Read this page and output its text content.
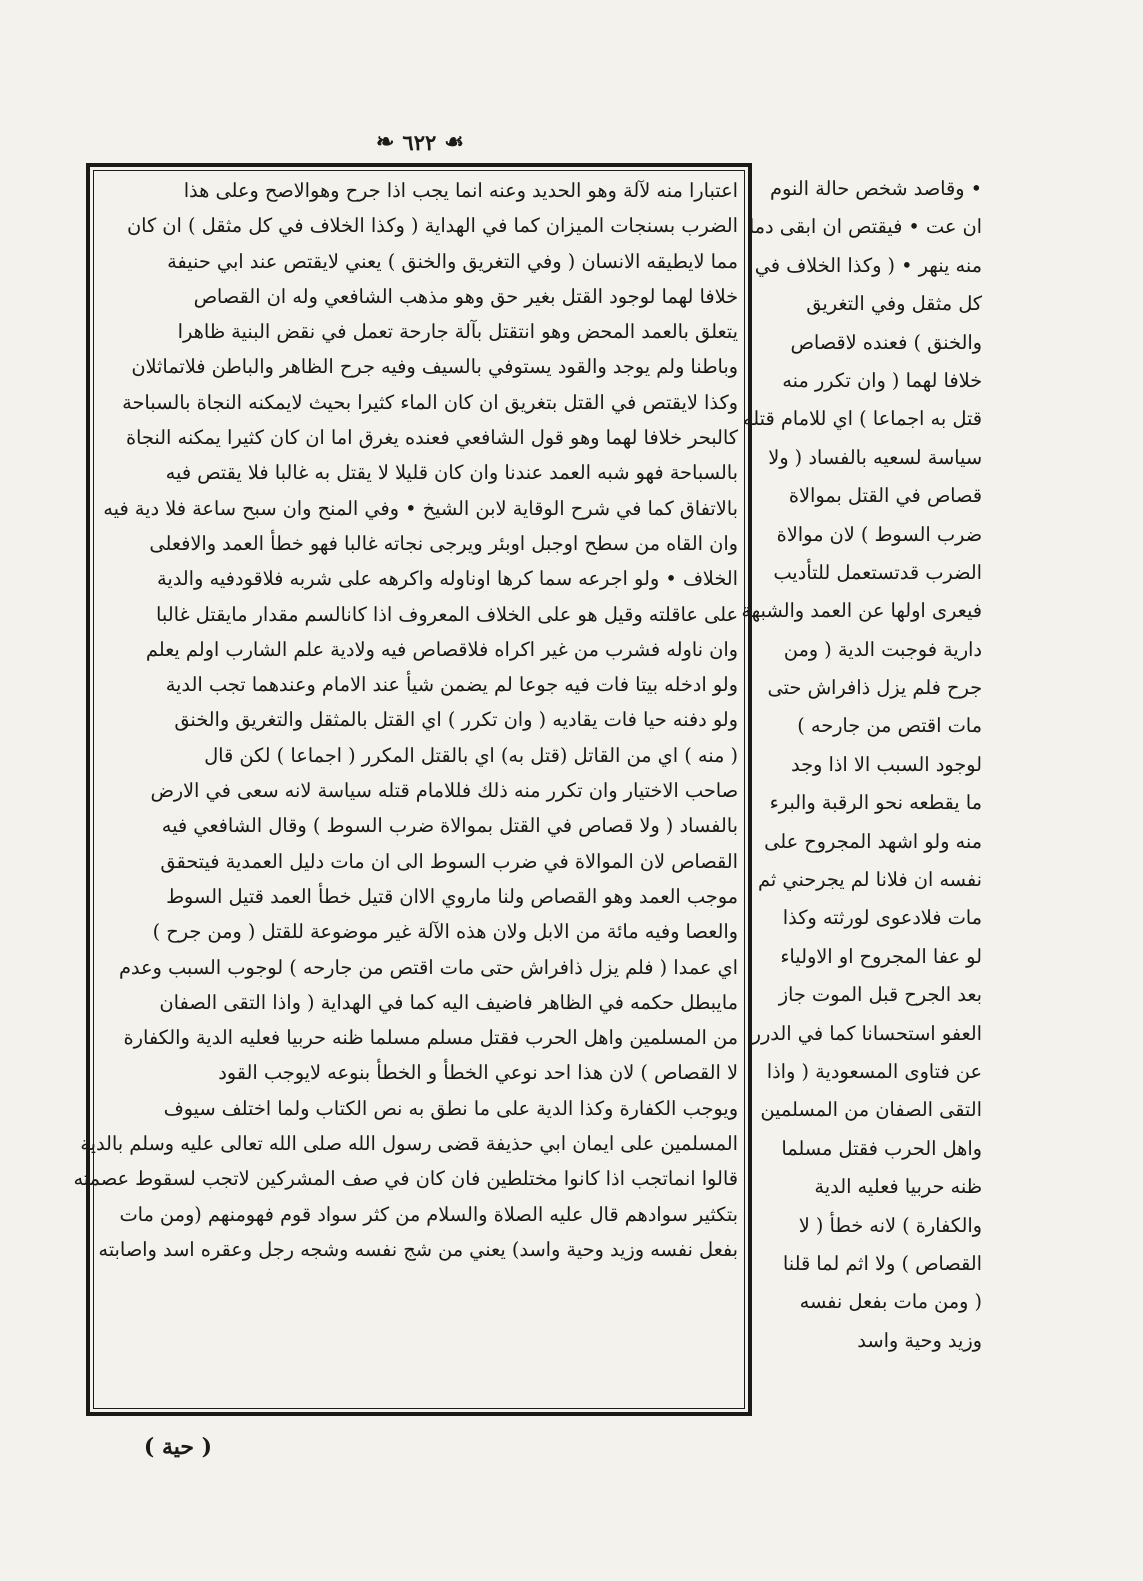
❧ ٦٢٢ ☙
اعتبارا منه لآلة وهو الحديد وعنه انما يجب اذا جرح وهوالاصح وعلى هذا
الضرب بسنجات الميزان كما في الهداية ( وكذا الخلاف في كل مثقل ) ان كان
مما لايطيقه الانسان ( وفي التغريق والخنق ) يعني لايقتص عند ابي حنيفة
خلافا لهما لوجود القتل بغير حق وهو مذهب الشافعي وله ان القصاص
يتعلق بالعمد المحض وهو انتقتل بآلة جارحة تعمل في نقض البنية ظاهرا
وباطنا ولم يوجد والقود يستوفي بالسيف وفيه جرح الظاهر والباطن فلاتماثلان
وكذا لايقتص في القتل بتغريق ان كان الماء كثيرا بحيث لايمكنه النجاة بالسباحة
كالبحر خلافا لهما وهو قول الشافعي فعنده يغرق اما ان كان كثيرا يمكنه النجاة
بالسباحة فهو شبه العمد عندنا وان كان قليلا لا يقتل به غالبا فلا يقتص فيه
بالاتفاق كما في شرح الوقاية لابن الشيخ • وفي المنح وان سبح ساعة فلا دية فيه
وان القاه من سطح اوجبل اوبئر ويرجى نجاته غالبا فهو خطأ العمد والافعلى
الخلاف • ولو اجرعه سما كرها اوناوله واكرهه على شربه فلاقودفيه والدية
على عاقلته وقيل هو على الخلاف المعروف اذا كانالسم مقدار مايقتل غالبا
وان ناوله فشرب من غير اكراه فلاقصاص فيه ولادية علم الشارب اولم يعلم
ولو ادخله بيتا فات فيه جوعا لم يضمن شيأ عند الامام وعندهما تجب الدية
ولو دفنه حيا فات يقاديه ( وان تكرر ) اي القتل بالمثقل والتغريق والخنق
( منه ) اي من القاتل (قتل به) اي بالقتل المكرر ( اجماعا ) لكن قال
صاحب الاختيار وان تكرر منه ذلك فللامام قتله سياسة لانه سعى في الارض
بالفساد ( ولا قصاص في القتل بموالاة ضرب السوط ) وقال الشافعي فيه
القصاص لان الموالاة في ضرب السوط الى ان مات دليل العمدية فيتحقق
موجب العمد وهو القصاص ولنا ماروي الاان قتيل خطأ العمد قتيل السوط
والعصا وفيه مائة من الابل ولان هذه الآلة غير موضوعة للقتل ( ومن جرح )
اي عمدا ( فلم يزل ذافراش حتى مات اقتص من جارحه ) لوجوب السبب وعدم
مايبطل حكمه في الظاهر فاضيف اليه كما في الهداية ( واذا التقى الصفان
من المسلمين واهل الحرب فقتل مسلم مسلما ظنه حربيا فعليه الدية والكفارة
لا القصاص ) لان هذا احد نوعي الخطأ و الخطأ بنوعه لايوجب القود
ويوجب الكفارة وكذا الدية على ما نطق به نص الكتاب ولما اختلف سيوف
المسلمين على ايمان ابي حذيفة قضى رسول الله صلى الله تعالى عليه وسلم بالدية
قالوا انماتجب اذا كانوا مختلطين فان كان في صف المشركين لاتجب لسقوط عصمته
بتكثير سوادهم قال عليه الصلاة والسلام من كثر سواد قوم فهومنهم (ومن مات
بفعل نفسه وزيد وحية واسد) يعني من شج نفسه وشجه رجل وعقره اسد واصابته
• وقاصد شخص حالة النوم
ان عت • فيقتص ان ابقى دما
منه ينهر • ( وكذا الخلاف في
كل مثقل وفي التغريق
والخنق ) فعنده لاقصاص
خلافا لهما ( وان تكرر منه
قتل به اجماعا ) اي للامام قتله
سياسة لسعيه بالفساد ( ولا
قصاص في القتل بموالاة
ضرب السوط ) لان موالاة
الضرب قدتستعمل للتأديب
فيعرى اولها عن العمد والشبهة
دارية فوجبت الدية ( ومن
جرح فلم يزل ذافراش حتى
مات اقتص من جارحه )
لوجود السبب الا اذا وجد
ما يقطعه نحو الرقبة والبرء
منه ولو اشهد المجروح على
نفسه ان فلانا لم يجرحني ثم
مات فلادعوى لورثته وكذا
لو عفا المجروح او الاولياء
بعد الجرح قبل الموت جاز
العفو استحسانا كما في الدرر
عن فتاوى المسعودية ( واذا
التقى الصفان من المسلمين
واهل الحرب فقتل مسلما
ظنه حربيا فعليه الدية
والكفارة ) لانه خطأ ( لا
القصاص ) ولا اثم لما قلنا
( ومن مات بفعل نفسه
وزيد وحية واسد
( حية )
